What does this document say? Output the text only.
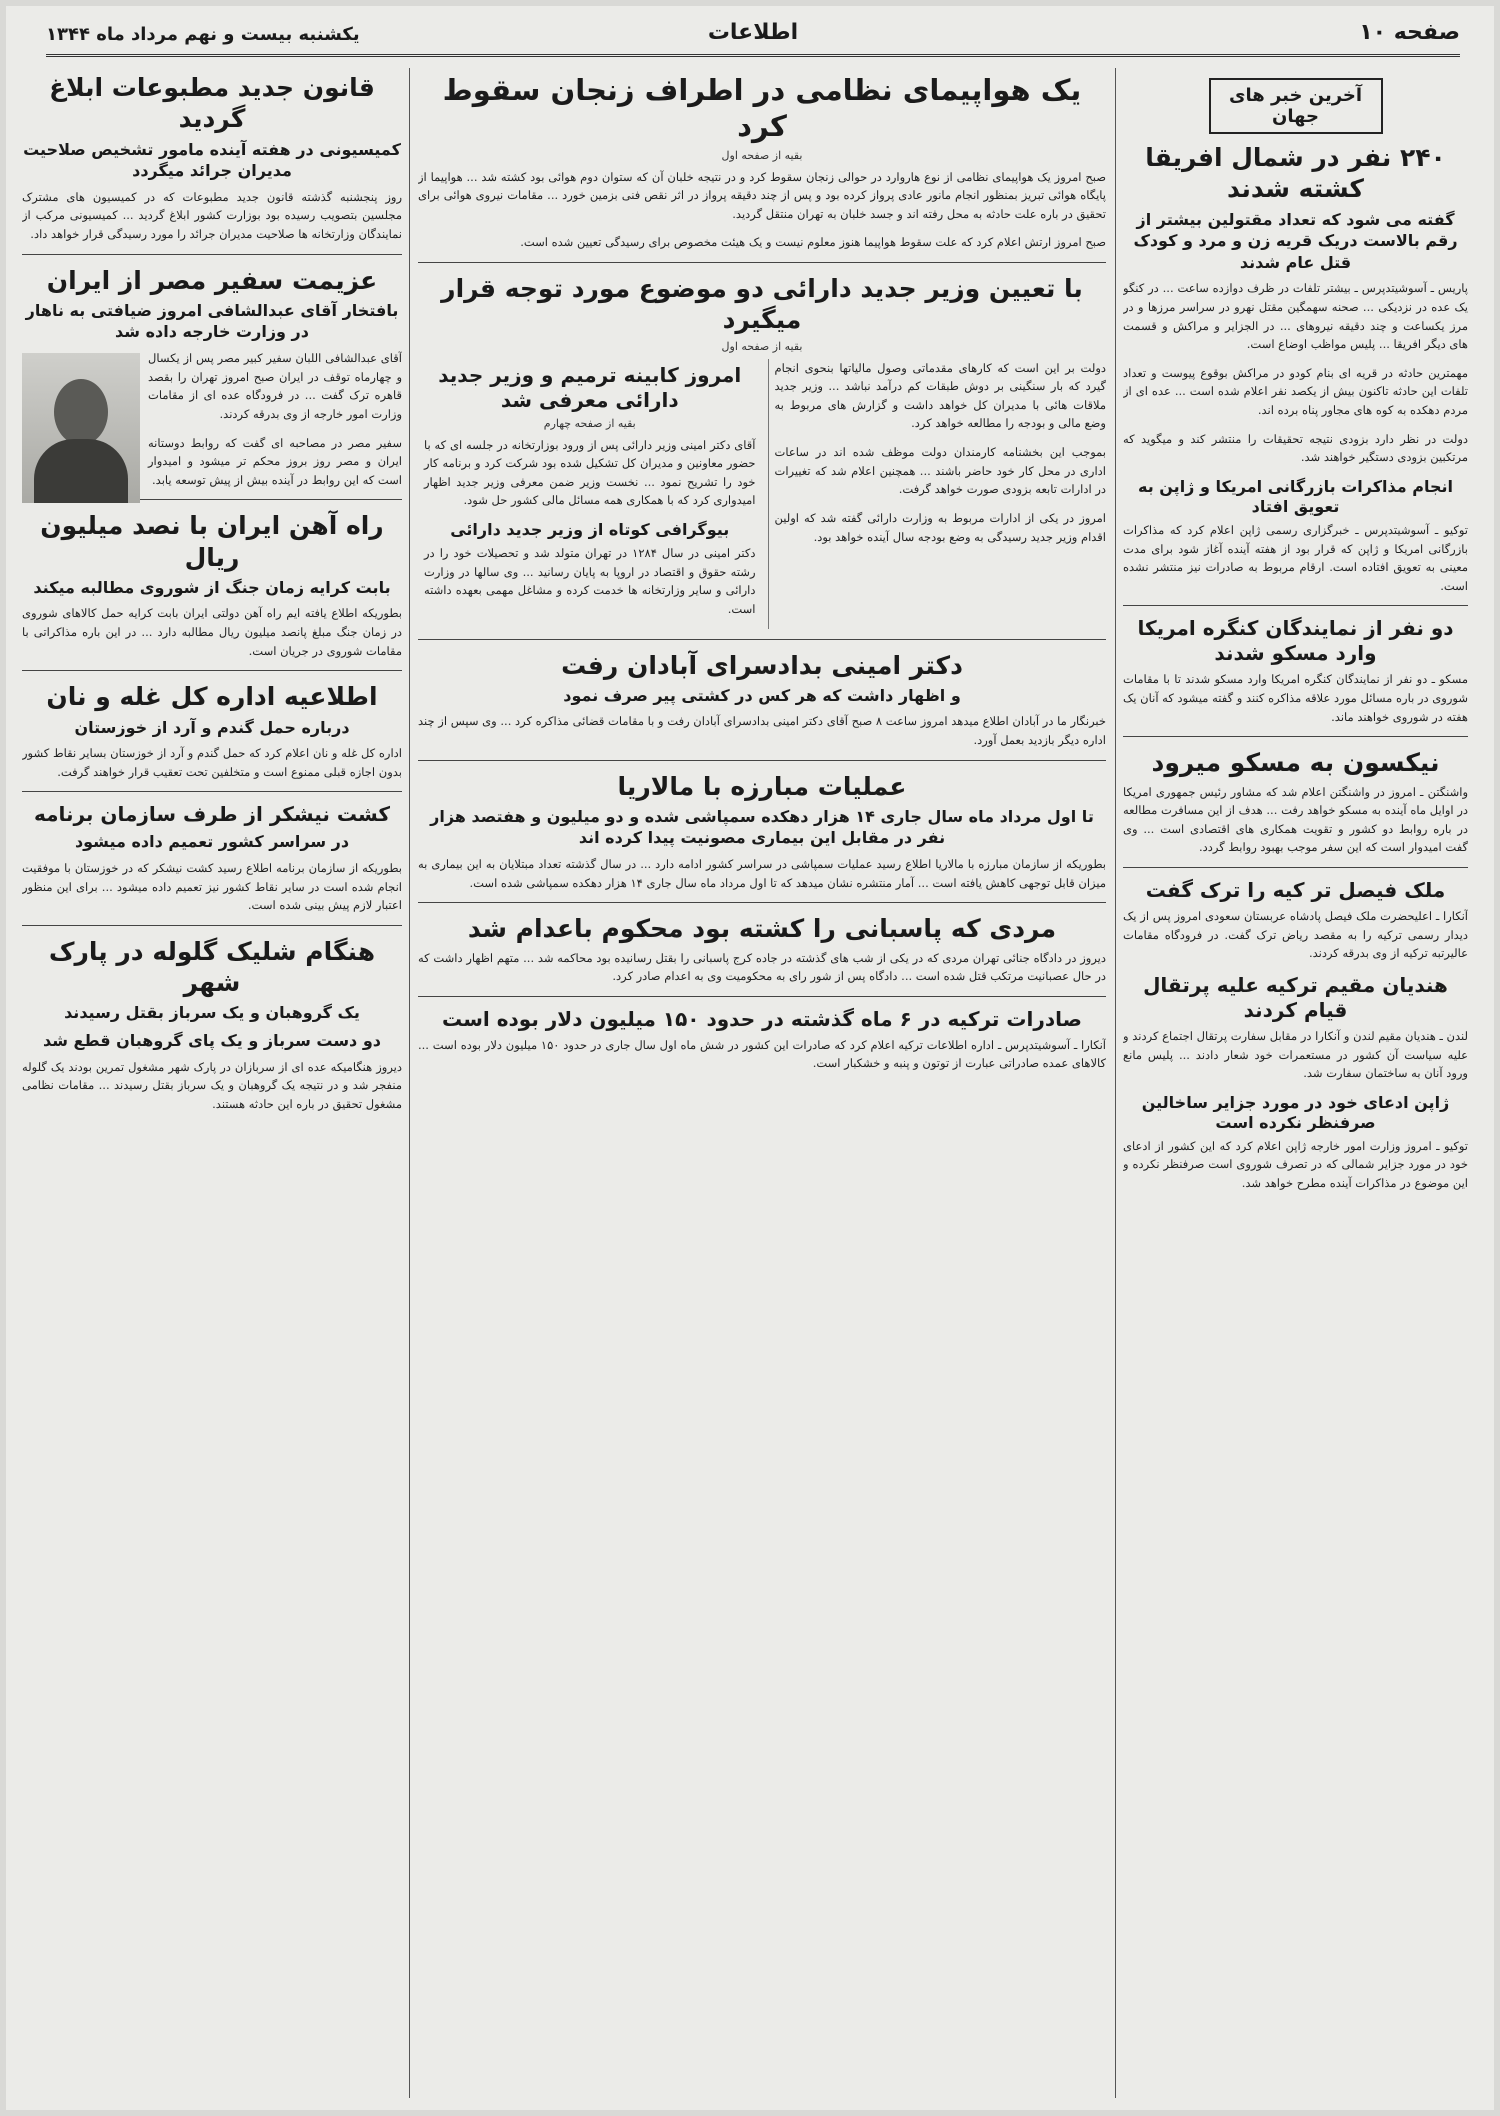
صفحه ۱۰
اطلاعات
یکشنبه بیست و نهم مرداد ماه ۱۳۴۴
آخرین خبر های جهان
۲۴۰ نفر در شمال افریقا کشته شدند
گفته می شود که تعداد مقتولین بیشتر از رقم بالاست دریک قریه زن و مرد و کودک قتل عام شدند

پاریس ـ آسوشیتدپرس ـ بیشتر تلفات در ظرف دوازده ساعت ... در کنگو یک عده در نزدیکی ... صحنه سهمگین مقتل نهرو در سراسر مرزها و در مرز یکساعت و چند دقیقه نیروهای ... در الجزایر و مراکش و قسمت های دیگر افریقا ... پلیس مواظب اوضاع است.

مهمترین حادثه در قریه ای بنام کودو در مراکش بوقوع پیوست و تعداد تلفات این حادثه تاکنون بیش از یکصد نفر اعلام شده است ... عده ای از مردم دهکده به کوه های مجاور پناه برده اند.

دولت در نظر دارد بزودی نتیجه تحقیقات را منتشر کند و میگوید که مرتکبین بزودی دستگیر خواهند شد.

انجام مذاکرات بازرگانی امریکا و ژاپن به تعویق افتاد

توکیو ـ آسوشیتدپرس ـ خبرگزاری رسمی ژاپن اعلام کرد که مذاکرات بازرگانی امریکا و ژاپن که قرار بود از هفته آینده آغاز شود برای مدت معینی به تعویق افتاده است. ارقام مربوط به صادرات نیز منتشر نشده است.

دو نفر از نمایندگان کنگره امریکا وارد مسکو شدند

مسکو ـ دو نفر از نمایندگان کنگره امریکا وارد مسکو شدند تا با مقامات شوروی در باره مسائل مورد علاقه مذاکره کنند و گفته میشود که آنان یک هفته در شوروی خواهند ماند.

نیکسون به مسکو میرود

واشنگتن ـ امروز در واشنگتن اعلام شد که مشاور رئیس جمهوری امریکا در اوایل ماه آینده به مسکو خواهد رفت ... هدف از این مسافرت مطالعه در باره روابط دو کشور و تقویت همکاری های اقتصادی است ... وی گفت امیدوار است که این سفر موجب بهبود روابط گردد.

ملک فیصل تر کیه را ترک گفت

آنکارا ـ اعلیحضرت ملک فیصل پادشاه عربستان سعودی امروز پس از یک دیدار رسمی ترکیه را به مقصد ریاض ترک گفت. در فرودگاه مقامات عالیرتبه ترکیه از وی بدرقه کردند.

هندیان مقیم ترکیه علیه پرتقال قیام کردند

لندن ـ هندیان مقیم لندن و آنکارا در مقابل سفارت پرتقال اجتماع کردند و علیه سیاست آن کشور در مستعمرات خود شعار دادند ... پلیس مانع ورود آنان به ساختمان سفارت شد.

ژاپن ادعای خود در مورد جزایر ساخالین صرفنظر نکرده است

توکیو ـ امروز وزارت امور خارجه ژاپن اعلام کرد که این کشور از ادعای خود در مورد جزایر شمالی که در تصرف شوروی است صرفنظر نکرده و این موضوع در مذاکرات آینده مطرح خواهد شد.

یک هواپیمای نظامی در اطراف زنجان سقوط کرد
بقیه از صفحه اول

صبح امروز یک هواپیمای نظامی از نوع هاروارد در حوالی زنجان سقوط کرد و در نتیجه خلبان آن که ستوان دوم هوائی بود کشته شد ... هواپیما از پایگاه هوائی تبریز بمنظور انجام مانور عادی پرواز کرده بود و پس از چند دقیقه پرواز در اثر نقص فنی بزمین خورد ... مقامات نیروی هوائی برای تحقیق در باره علت حادثه به محل رفته اند و جسد خلبان به تهران منتقل گردید.

صبح امروز ارتش اعلام کرد که علت سقوط هواپیما هنوز معلوم نیست و یک هیئت مخصوص برای رسیدگی تعیین شده است.

با تعیین وزیر جدید دارائی دو موضوع مورد توجه قرار میگیرد
بقیه از صفحه اول

دولت بر این است که کارهای مقدماتی وصول مالیاتها بنحوی انجام گیرد که بار سنگینی بر دوش طبقات کم درآمد نباشد ... وزیر جدید ملاقات هائی با مدیران کل خواهد داشت و گزارش های مربوط به وضع مالی و بودجه را مطالعه خواهد کرد.

بموجب این بخشنامه کارمندان دولت موظف شده اند در ساعات اداری در محل کار خود حاضر باشند ... همچنین اعلام شد که تغییرات در ادارات تابعه بزودی صورت خواهد گرفت.

امروز در یکی از ادارات مربوط به وزارت دارائی گفته شد که اولین اقدام وزیر جدید رسیدگی به وضع بودجه سال آینده خواهد بود.

امروز کابینه ترمیم و وزیر جدید دارائی معرفی شد
بقیه از صفحه چهارم

آقای دکتر امینی وزیر دارائی پس از ورود بوزارتخانه در جلسه ای که با حضور معاونین و مدیران کل تشکیل شده بود شرکت کرد و برنامه کار خود را تشریح نمود ... نخست وزیر ضمن معرفی وزیر جدید اظهار امیدواری کرد که با همکاری همه مسائل مالی کشور حل شود.

بیوگرافی کوتاه از وزیر جدید دارائی

دکتر امینی در سال ۱۲۸۴ در تهران متولد شد و تحصیلات خود را در رشته حقوق و اقتصاد در اروپا به پایان رسانید ... وی سالها در وزارت دارائی و سایر وزارتخانه ها خدمت کرده و مشاغل مهمی بعهده داشته است.

دکتر امینی بدادسرای آبادان رفت
و اظهار داشت که هر کس در کشتی پیر صرف نمود

خبرنگار ما در آبادان اطلاع میدهد امروز ساعت ۸ صبح آقای دکتر امینی بدادسرای آبادان رفت و با مقامات قضائی مذاکره کرد ... وی سپس از چند اداره دیگر بازدید بعمل آورد.

عملیات مبارزه با مالاریا
تا اول مرداد ماه سال جاری ۱۴ هزار دهکده سمپاشی شده و دو میلیون و هفتصد هزار نفر در مقابل این بیماری مصونیت پیدا کرده اند

بطوریکه از سازمان مبارزه با مالاریا اطلاع رسید عملیات سمپاشی در سراسر کشور ادامه دارد ... در سال گذشته تعداد مبتلایان به این بیماری به میزان قابل توجهی کاهش یافته است ... آمار منتشره نشان میدهد که تا اول مرداد ماه سال جاری ۱۴ هزار دهکده سمپاشی شده است.

مردی که پاسبانی را کشته بود محکوم باعدام شد

دیروز در دادگاه جنائی تهران مردی که در یکی از شب های گذشته در جاده کرج پاسبانی را بقتل رسانیده بود محاکمه شد ... متهم اظهار داشت که در حال عصبانیت مرتکب قتل شده است ... دادگاه پس از شور رای به محکومیت وی به اعدام صادر کرد.

صادرات ترکیه در ۶ ماه گذشته در حدود ۱۵۰ میلیون دلار بوده است

آنکارا ـ آسوشیتدپرس ـ اداره اطلاعات ترکیه اعلام کرد که صادرات این کشور در شش ماه اول سال جاری در حدود ۱۵۰ میلیون دلار بوده است ... کالاهای عمده صادراتی عبارت از توتون و پنبه و خشکبار است.

قانون جدید مطبوعات ابلاغ گردید
کمیسیونی در هفته آینده مامور تشخیص صلاحیت مدیران جرائد میگردد

روز پنجشنبه گذشته قانون جدید مطبوعات که در کمیسیون های مشترک مجلسین بتصویب رسیده بود بوزارت کشور ابلاغ گردید ... کمیسیونی مرکب از نمایندگان وزارتخانه ها صلاحیت مدیران جرائد را مورد رسیدگی قرار خواهد داد.

عزیمت سفیر مصر از ایران
بافتخار آقای عبدالشافی امروز ضیافتی به ناهار در وزارت خارجه داده شد

آقای عبدالشافی اللبان سفیر کبیر مصر پس از یکسال و چهارماه توقف در ایران صبح امروز تهران را بقصد قاهره ترک گفت ... در فرودگاه عده ای از مقامات وزارت امور خارجه از وی بدرقه کردند.

سفیر مصر در مصاحبه ای گفت که روابط دوستانه ایران و مصر روز بروز محکم تر میشود و امیدوار است که این روابط در آینده بیش از پیش توسعه یابد.

راه آهن ایران با نصد میلیون ریال
بابت کرایه زمان جنگ از شوروی مطالبه میکند

بطوریکه اطلاع یافته ایم راه آهن دولتی ایران بابت کرایه حمل کالاهای شوروی در زمان جنگ مبلغ پانصد میلیون ریال مطالبه دارد ... در این باره مذاکراتی با مقامات شوروی در جریان است.

اطلاعیه اداره کل غله و نان
درباره حمل گندم و آرد از خوزستان

اداره کل غله و نان اعلام کرد که حمل گندم و آرد از خوزستان بسایر نقاط کشور بدون اجازه قبلی ممنوع است و متخلفین تحت تعقیب قرار خواهند گرفت.

کشت نیشکر از طرف سازمان برنامه
در سراسر کشور تعمیم داده میشود

بطوریکه از سازمان برنامه اطلاع رسید کشت نیشکر که در خوزستان با موفقیت انجام شده است در سایر نقاط کشور نیز تعمیم داده میشود ... برای این منظور اعتبار لازم پیش بینی شده است.

هنگام شلیک گلوله در پارک شهر
یک گروهبان و یک سرباز بقتل رسیدند
دو دست سرباز و یک پای گروهبان قطع شد

دیروز هنگامیکه عده ای از سربازان در پارک شهر مشغول تمرین بودند یک گلوله منفجر شد و در نتیجه یک گروهبان و یک سرباز بقتل رسیدند ... مقامات نظامی مشغول تحقیق در باره این حادثه هستند.
